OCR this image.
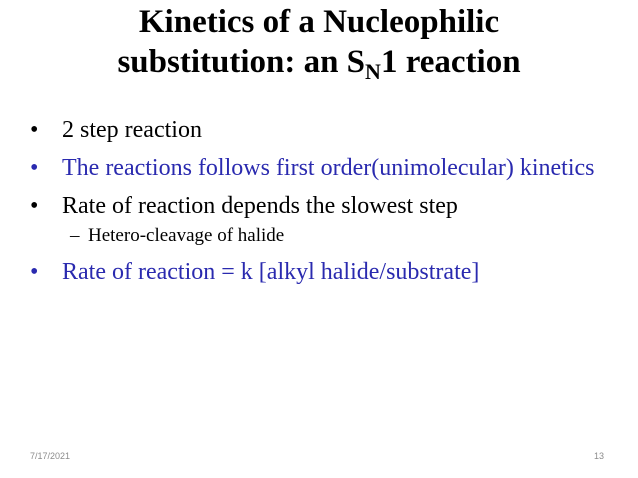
Kinetics of a Nucleophilic
substitution: an $S_N1$ reaction
• 2 step reaction
• The reactions follows first order(unimolecular) kinetics
• Rate of reaction depends the slowest step
– Hetero-cleavage of halide
• Rate of reaction = k [alkyl halide/substrate]
7/17/2021	13
